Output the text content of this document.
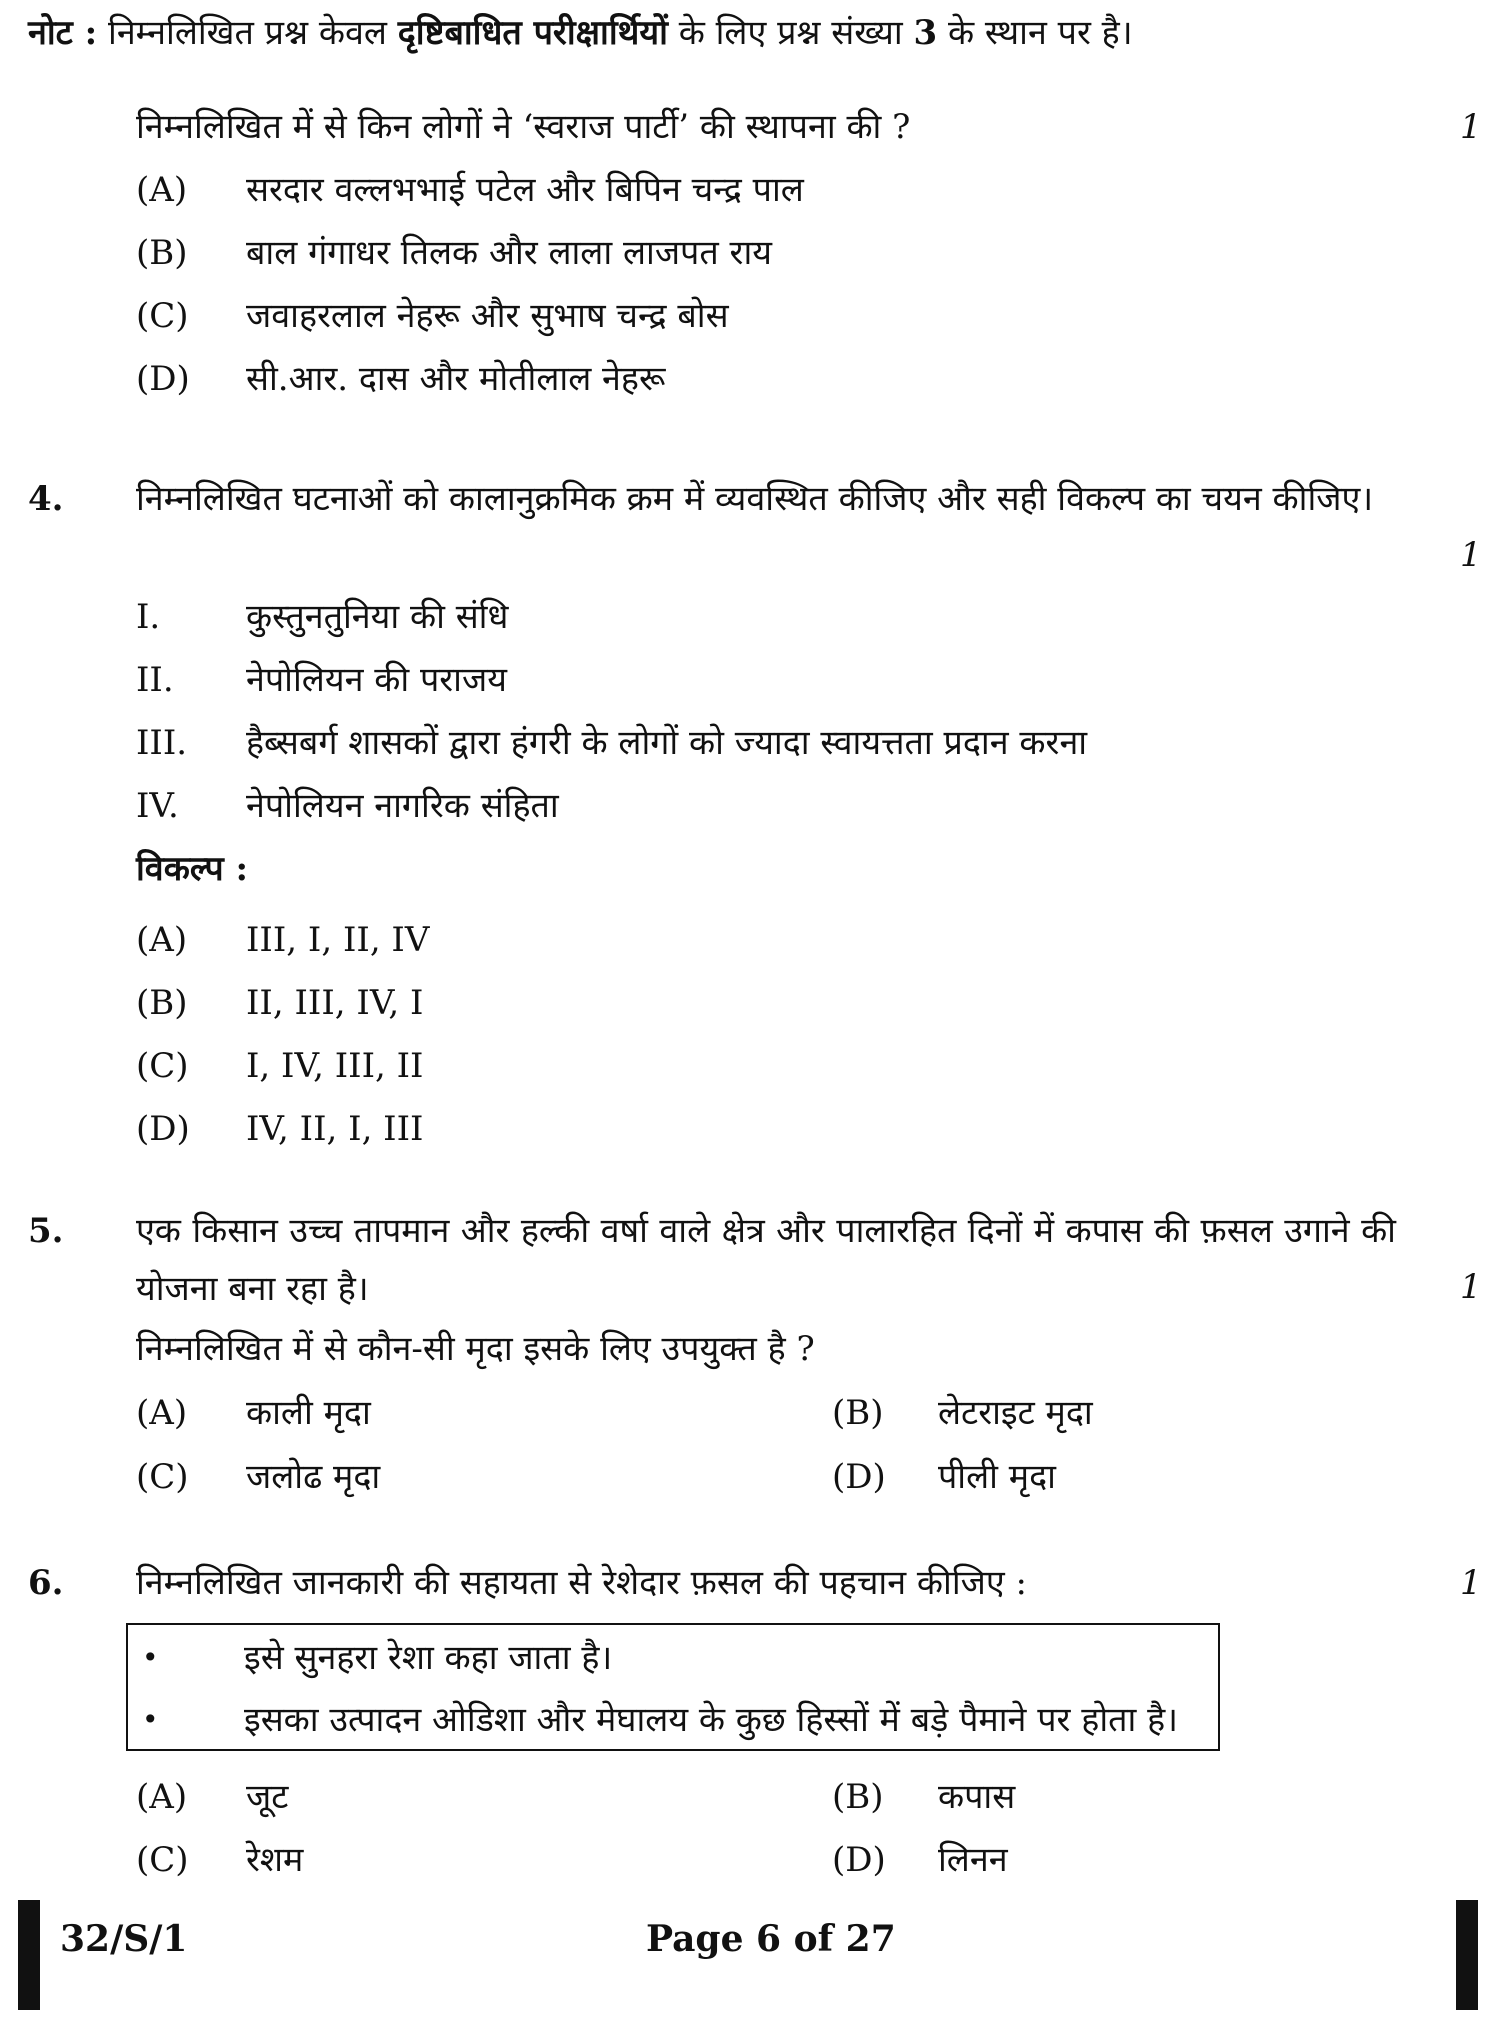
नोट : निम्नलिखित प्रश्न केवल दृष्टिबाधित परीक्षार्थियों के लिए प्रश्न संख्या 3 के स्थान पर है।
निम्नलिखित में से किन लोगों ने ‘स्वराज पार्टी’ की स्थापना की ?	1
(A) सरदार वल्लभभाई पटेल और बिपिन चन्द्र पाल
(B) बाल गंगाधर तिलक और लाला लाजपत राय
(C) जवाहरलाल नेहरू और सुभाष चन्द्र बोस
(D) सी.आर. दास और मोतीलाल नेहरू
4. निम्नलिखित घटनाओं को कालानुक्रमिक क्रम में व्यवस्थित कीजिए और सही विकल्प का चयन कीजिए।
1
I.	कुस्तुनतुनिया की संधि
II. नेपोलियन की पराजय
III. हैब्सबर्ग शासकों द्वारा हंगरी के लोगों को ज्यादा स्वायत्तता प्रदान करना
IV. नेपोलियन नागरिक संहिता
विकल्प :
(A) III, I, II, IV
(B) II, III, IV, I
(C) I, IV, III, II
(D) IV, II, I, III
5. एक किसान उच्च तापमान और हल्की वर्षा वाले क्षेत्र और पालारहित दिनों में कपास की फ़सल उगाने की योजना बना रहा है।	1
निम्नलिखित में से कौन-सी मृदा इसके लिए उपयुक्त है ?
(A) काली मृदा	(B) लेटराइट मृदा
(C) जलोढ मृदा	(D) पीली मृदा
6. निम्नलिखित जानकारी की सहायता से रेशेदार फ़सल की पहचान कीजिए :	1
•	इसे सुनहरा रेशा कहा जाता है।
•	इसका उत्पादन ओडिशा और मेघालय के कुछ हिस्सों में बड़े पैमाने पर होता है।
(A) जूट	(B) कपास
(C) रेशम	(D) लिनन
32/S/1	Page 6 of 27
